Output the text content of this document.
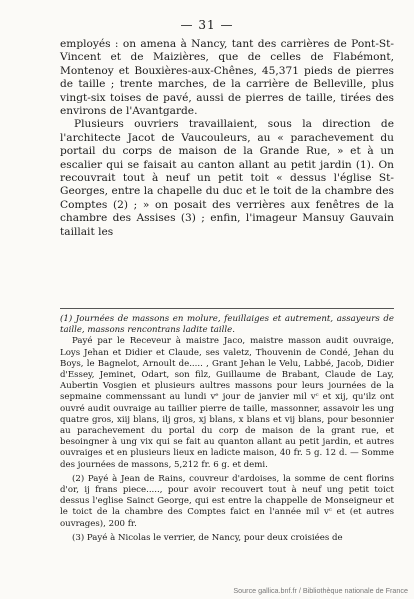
— 31 —

employés : on amena à Nancy, tant des carrières de Pont-St-Vincent et de Maizières, que de celles de Flabémont, Montenoy et Bouxières-aux-Chênes, 45,371 pieds de pierres de taille ; trente marches, de la carrière de Belleville, plus vingt-six toises de pavé, aussi de pierres de taille, tirées des environs de l'Avantgarde.

Plusieurs ouvriers travaillaient, sous la direction de l'architecte Jacot de Vaucouleurs, au « parachevement du portail du corps de maison de la Grande Rue, » et à un escalier qui se faisait au canton allant au petit jardin (1). On recouvrait tout à neuf un petit toit « dessus l'église St-Georges, entre la chapelle du duc et le toit de la chambre des Comptes (2) ; » on posait des verrières aux fenêtres de la chambre des Assises (3) ; enfin, l'imageur Mansuy Gauvain taillait les

(1) Journées de massons en molure, feuillaiges et autrement, assayeurs de taille, massons rencontrans ladite taille.

Payé par le Receveur à maistre Jaco, maistre masson audit ouvraige, Loys Jehan et Didier et Claude, ses valetz, Thouvenin de Condé, Jehan du Boys, le Bagnelot, Arnoult de..... , Grant Jehan le Velu, Labbé, Jacob, Didier d'Essey, Jeminet, Odart, son filz, Guillaume de Brabant, Claude de Lay, Aubertin Vosgien et plusieurs aultres massons pour leurs journées de la sepmaine commenssant au lundi vᵉ jour de janvier mil vᶜ et xij, qu'ilz ont ouvré audit ouvraige au taillier pierre de taille, massonner, assavoir les ung quatre gros, xiij blans, ilj gros, xj blans, x blans et vij blans, pour besonnier au parachevement du portal du corp de maison de la grant rue, et besoingner à ung vix qui se fait au quanton allant au petit jardin, et autres ouvraiges et en plusieurs lieux en ladicte maison, 40 fr. 5 g. 12 d. — Somme des journées de massons, 5,212 fr. 6 g. et demi.

(2) Payé à Jean de Rains, couvreur d'ardoises, la somme de cent florins d'or, ij frans piece....., pour avoir recouvert tout à neuf ung petit toict dessus l'eglise Sainct George, qui est entre la chappelle de Monseigneur et le toict de la chambre des Comptes faict en l'année mil vᶜ et (et autres ouvrages), 200 fr.

(3) Payé à Nicolas le verrier, de Nancy, pour deux croisiées de

Source gallica.bnf.fr / Bibliothèque nationale de France
